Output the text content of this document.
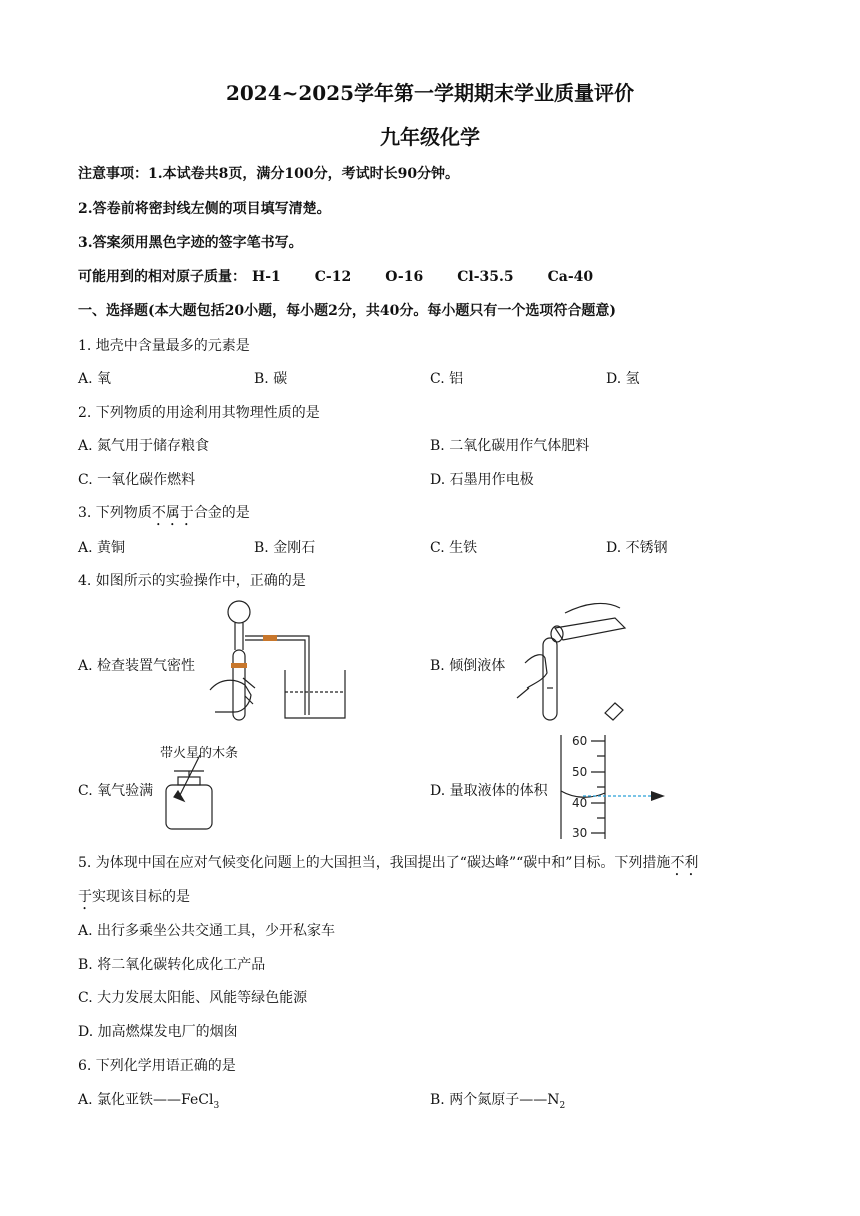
2024~2025学年第一学期期末学业质量评价
九年级化学
注意事项：1.本试卷共8页，满分100分，考试时长90分钟。
2.答卷前将密封线左侧的项目填写清楚。
3.答案须用黑色字迹的签字笔书写。
可能用到的相对原子质量： H-1 C-12 O-16 Cl-35.5 Ca-40
一、选择题(本大题包括20小题，每小题2分，共40分。每小题只有一个选项符合题意)
1. 地壳中含量最多的元素是
A. 氧	B. 碳	C. 铝	D. 氢
2. 下列物质的用途利用其物理性质的是
A. 氮气用于储存粮食	B. 二氧化碳用作气体肥料
C. 一氧化碳作燃料	D. 石墨用作电极
3. 下列物质不属于合金的是
A. 黄铜	B. 金刚石	C. 生铁	D. 不锈钢
4. 如图所示的实验操作中，正确的是
A. 检查装置气密性	B. 倾倒液体
C. 氧气验满	D. 量取液体的体积
带火星的木条
60
50
40
30
5. 为体现中国在应对气候变化问题上的大国担当，我国提出了“碳达峰”“碳中和”目标。下列措施不利
于实现该目标的是
A. 出行多乘坐公共交通工具，少开私家车
B. 将二氧化碳转化成化工产品
C. 大力发展太阳能、风能等绿色能源
D. 加高燃煤发电厂的烟囱
6. 下列化学用语正确的是
A. 氯化亚铁——FeCl$_3$	B. 两个氮原子$——N_2$
